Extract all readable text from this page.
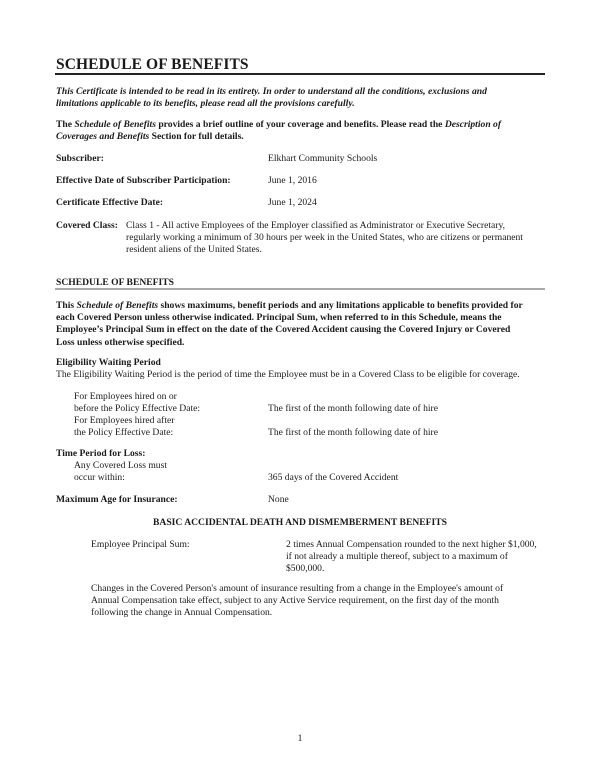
SCHEDULE OF BENEFITS
This Certificate is intended to be read in its entirety. In order to understand all the conditions, exclusions and
limitations applicable to its benefits, please read all the provisions carefully.
The Schedule of Benefits provides a brief outline of your coverage and benefits. Please read the Description of
Coverages and Benefits Section for full details.
Subscriber:	Elkhart Community Schools
Effective Date of Subscriber Participation:	June 1, 2016
Certificate Effective Date:	June 1, 2024
Covered Class: Class 1 - All active Employees of the Employer classified as Administrator or Executive Secretary,
regularly working a minimum of 30 hours per week in the United States, who are citizens or permanent
resident aliens of the United States.
SCHEDULE OF BENEFITS
This Schedule of Benefits shows maximums, benefit periods and any limitations applicable to benefits provided for
each Covered Person unless otherwise indicated. Principal Sum, when referred to in this Schedule, means the
Employee’s Principal Sum in effect on the date of the Covered Accident causing the Covered Injury or Covered
Loss unless otherwise specified.
Eligibility Waiting Period
The Eligibility Waiting Period is the period of time the Employee must be in a Covered Class to be eligible for coverage.
For Employees hired on or
before the Policy Effective Date:	The first of the month following date of hire
For Employees hired after
the Policy Effective Date:	The first of the month following date of hire
Time Period for Loss:
Any Covered Loss must
occur within:	365 days of the Covered Accident
Maximum Age for Insurance:	None
BASIC ACCIDENTAL DEATH AND DISMEMBERMENT BENEFITS
Employee Principal Sum:	2 times Annual Compensation rounded to the next higher $1,000,
if not already a multiple thereof, subject to a maximum of
$500,000.
Changes in the Covered Person's amount of insurance resulting from a change in the Employee's amount of
Annual Compensation take effect, subject to any Active Service requirement, on the first day of the month
following the change in Annual Compensation.
1
